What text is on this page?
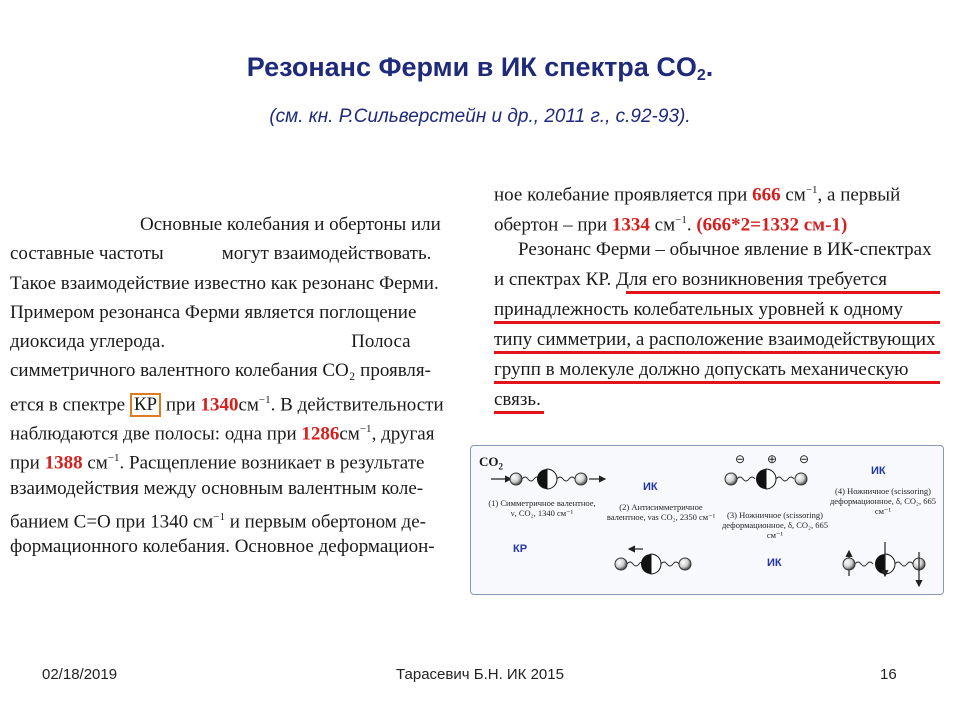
Резонанс Ферми в ИК спектра $CO_2$.
(см. кн. Р.Сильверстейн и др., 2011 г., с.92-93).
Основные колебания и обертоны или
составные частоты	могут взаимодействовать.
Такое взаимодействие известно как резонанс Ферми.
Примером резонанса Ферми является поглощение
диоксида углерода.	Полоса
симметричного валентного колебания CO₂ проявля-
ется в спектре КР при $1340см^{-1}$. В действительности
наблюдаются две полосы: одна при $1286см^{-1}$, другая
при 1388 $см^{-1}$. Расщепление возникает в результате
взаимодействия между основным валентным коле-
банием C=O при 1340 $см^{-1}$ и первым обертоном де-
формационного колебания. Основное деформацион-
ное колебание проявляется при 666 $см^{-1}$, а первый
обертон – при 1334 $см^{-1}$. (666*2=1332 см-1)
Резонанс Ферми – обычное явление в ИК-спектрах
и спектрах КР. Для его возникновения требуется
принадлежность колебательных уровней к одному
типу симметрии, а расположение взаимодействующих
групп в молекуле должно допускать механическую
связь.
$CO_2$
⊖ ⊕ ⊖
(1) Симметричное валентное, ν, CO₂, 1340 см⁻¹
(2) Антисимметричное валентное, νas CO₂, 2350 см⁻¹	(3) Ножничное (scissoring) деформационное, δ, CO₂, 665 см⁻¹
(4) Ножничное (scissoring) деформационное, δ, CO₂, 665 см⁻¹
КР
ИК
ИК
ИК
02/18/2019	Тарасевич Б.Н. ИК 2015	16
